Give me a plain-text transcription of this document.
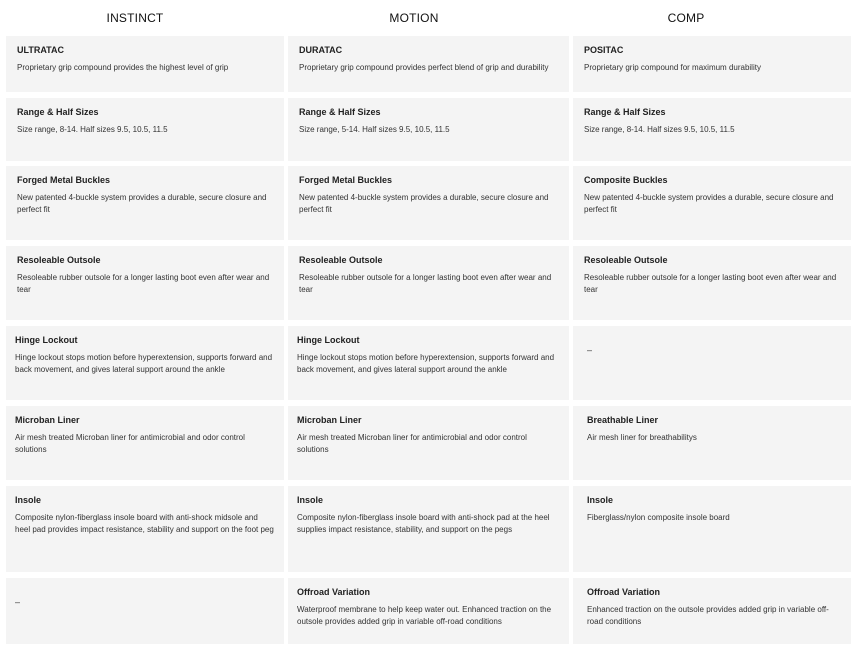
INSTINCT	MOTION	COMP
ULTRATAC
Proprietary grip compound provides the highest level of grip
DURATAC
Proprietary grip compound provides perfect blend of grip and durability
POSITAC
Proprietary grip compound for maximum durability
Range & Half Sizes
Size range, 8-14. Half sizes 9.5, 10.5, 11.5
Range & Half Sizes
Size range, 5-14. Half sizes 9.5, 10.5, 11.5
Range & Half Sizes
Size range, 8-14. Half sizes 9.5, 10.5, 11.5
Forged Metal Buckles
New patented 4-buckle system provides a durable, secure closure and perfect fit
Forged Metal Buckles
New patented 4-buckle system provides a durable, secure closure and perfect fit
Composite Buckles
New patented 4-buckle system provides a durable, secure closure and perfect fit
Resoleable Outsole
Resoleable rubber outsole for a longer lasting boot even after wear and tear
Resoleable Outsole
Resoleable rubber outsole for a longer lasting boot even after wear and tear
Resoleable Outsole
Resoleable rubber outsole for a longer lasting boot even after wear and tear
Hinge Lockout
Hinge lockout stops motion before hyperextension, supports forward and back movement, and gives lateral support around the ankle
Hinge Lockout
Hinge lockout stops motion before hyperextension, supports forward and back movement, and gives lateral support around the ankle
–
Microban Liner
Air mesh treated Microban liner for antimicrobial and odor control solutions
Microban Liner
Air mesh treated Microban liner for antimicrobial and odor control solutions
Breathable Liner
Air mesh liner for breathabilitys
Insole
Composite nylon-fiberglass insole board with anti-shock midsole and heel pad provides impact resistance, stability and support on the foot peg
Insole
Composite nylon-fiberglass insole board with anti-shock pad at the heel supplies impact resistance, stability, and support on the pegs
Insole
Fiberglass/nylon composite insole board
–
Offroad Variation
Waterproof membrane to help keep water out. Enhanced traction on the outsole provides added grip in variable off-road conditions
Offroad Variation
Enhanced traction on the outsole provides added grip in variable off-road conditions
